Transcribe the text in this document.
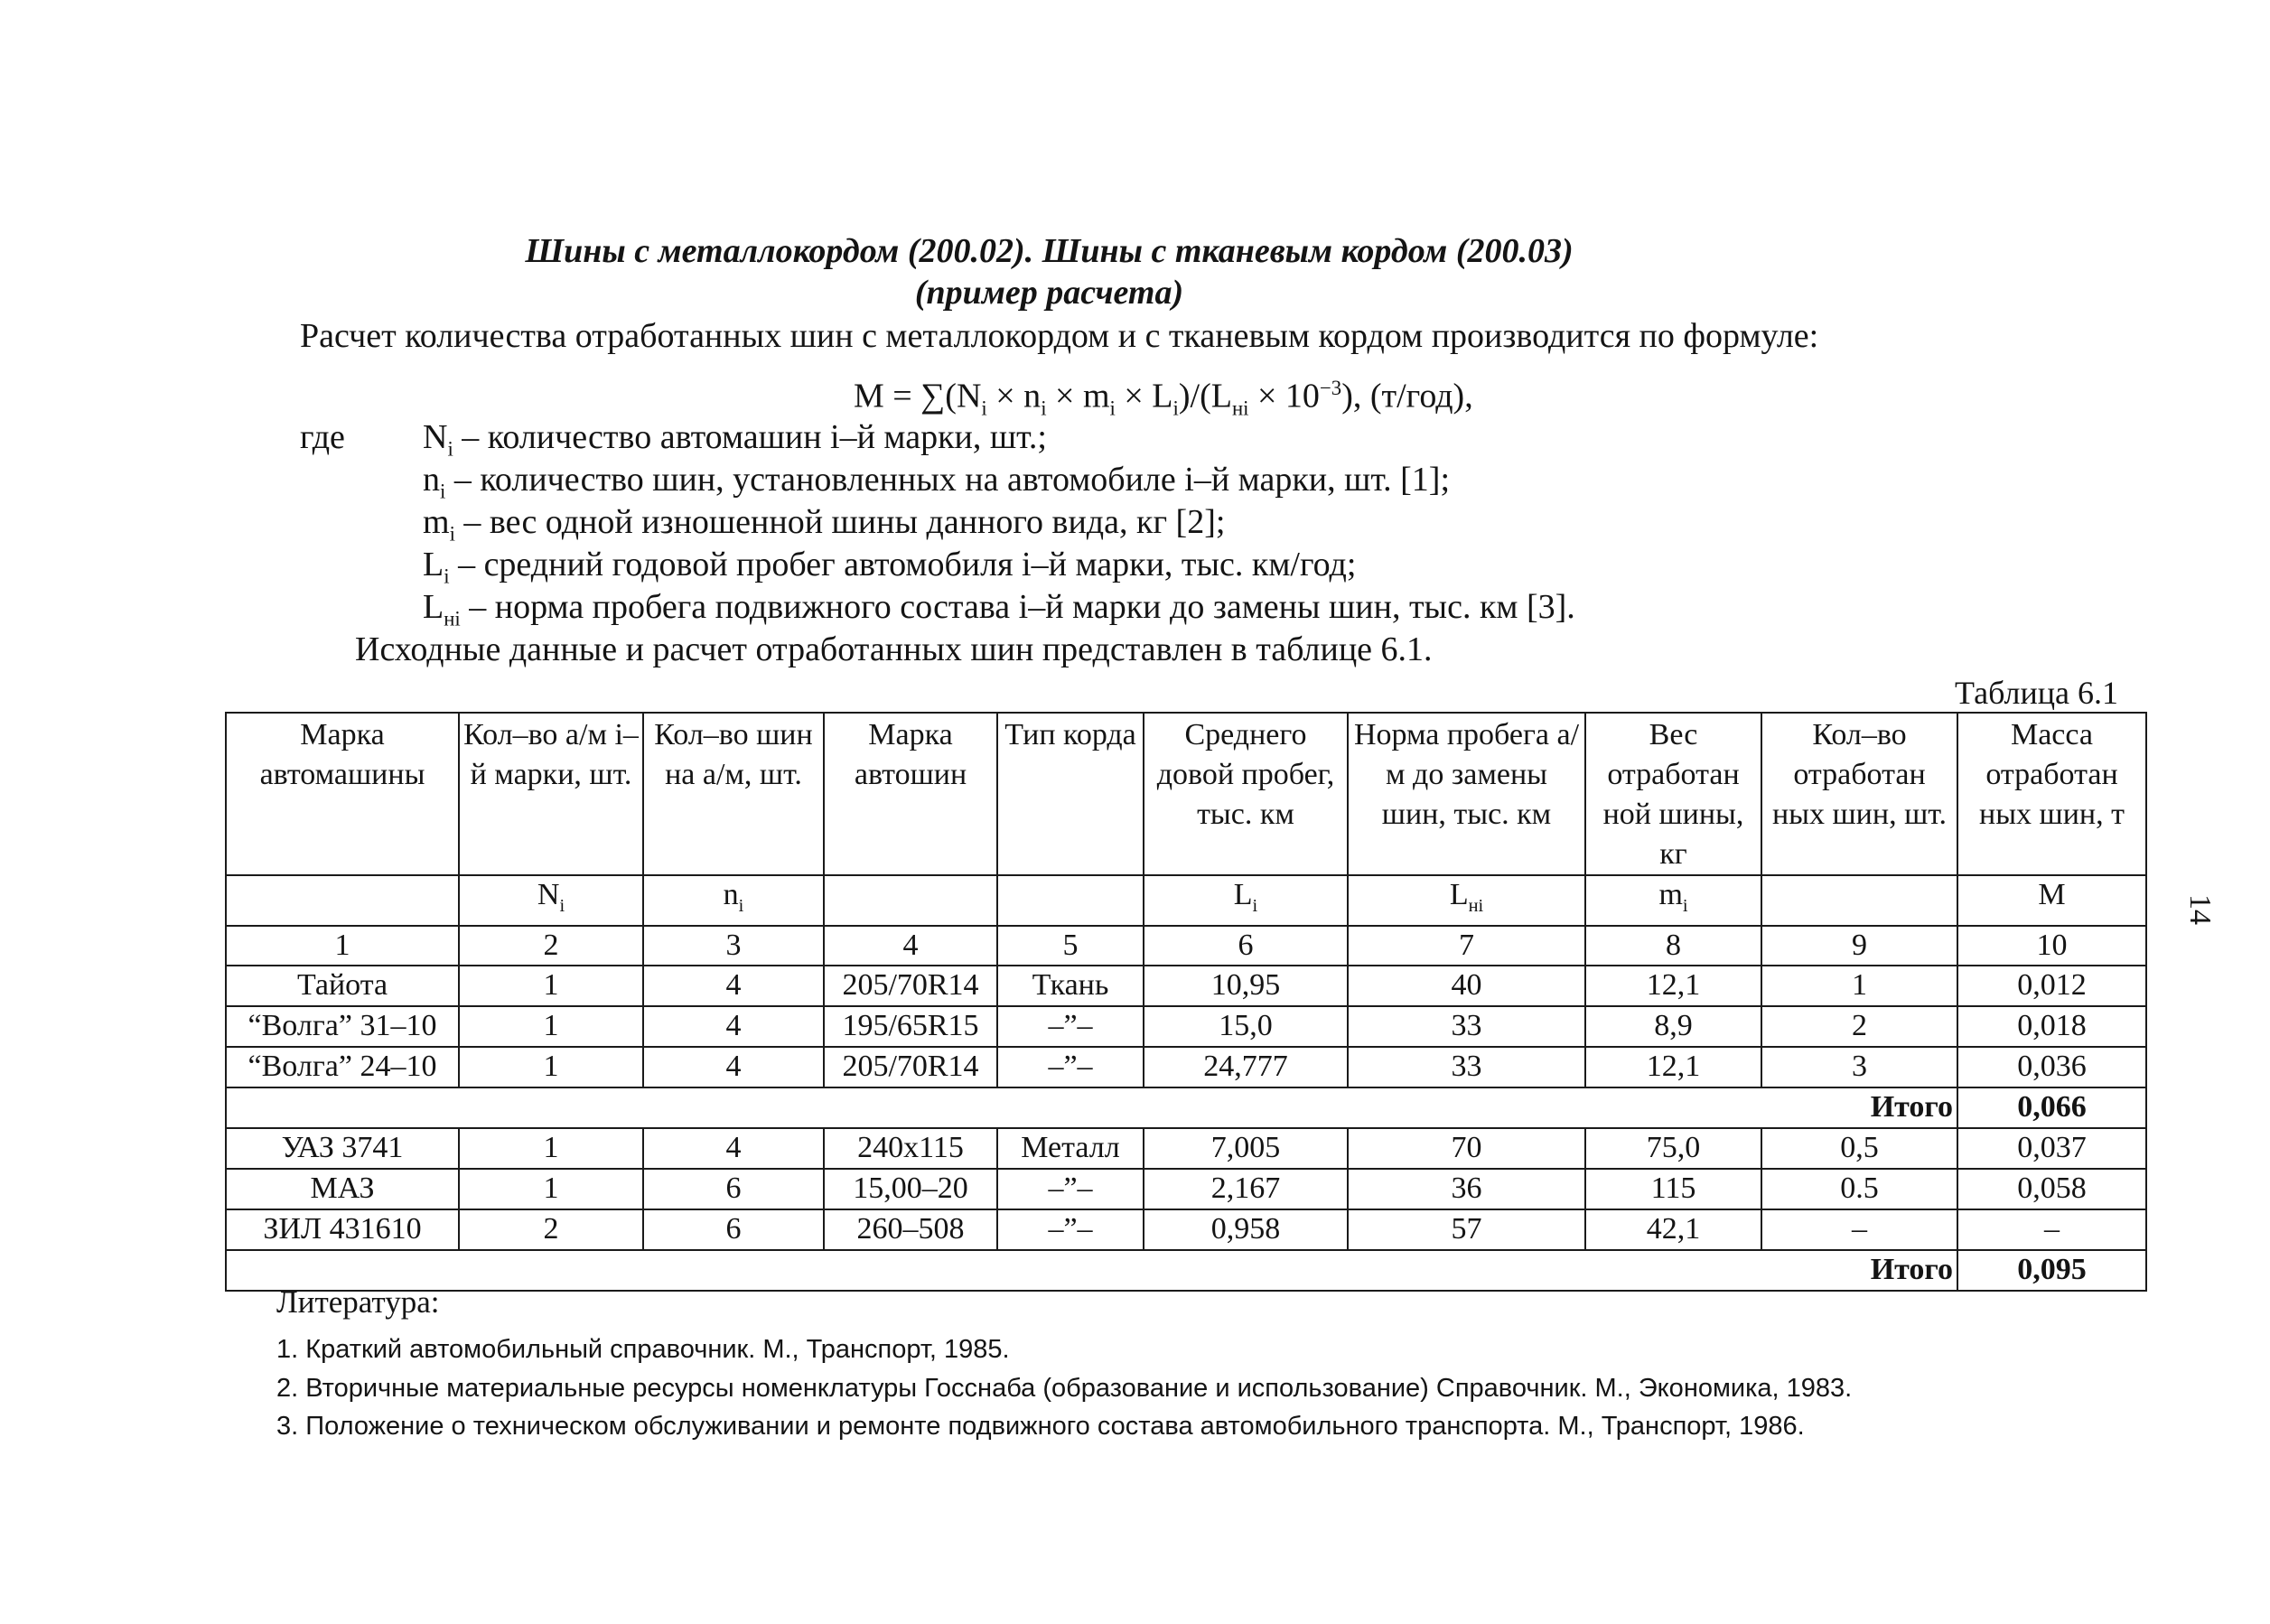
Шины с металлокордом (200.02). Шины с тканевым кордом (200.03)
(пример расчета)
Расчет количества отработанных шин с металлокордом и с тканевым кордом производится по формуле:
$M = \sum(N_i \times n_i \times m_i \times L_i)/(L_{нi} \times 10^{-3})$, (т/год),
где $N_i$ – количество автомашин i–й марки, шт.;
$n_i$ – количество шин, установленных на автомобиле i–й марки, шт. [1];
$m_i$ – вес одной изношенной шины данного вида, кг [2];
$L_i$ – средний годовой пробег автомобиля i–й марки, тыс. км/год;
$L_{нi}$ – норма пробега подвижного состава i–й марки до замены шин, тыс. км [3].
Исходные данные и расчет отработанных шин представлен в таблице 6.1.
Таблица 6.1
Марка автомашины	Кол–во а/м i–й марки, шт.	Кол–во шин на а/м, шт.	Марка автошин	Тип корда	Среднего довой пробег, тыс. км	Норма пробега а/м до замены шин, тыс. км	Вес отработан ной шины, кг	Кол–во отработан ных шин, шт.	Масса отработан ных шин, т
	$N_i$	$n_i$			$L_i$	$L_{нi}$	$m_i$		M
1	2	3	4	5	6	7	8	9	10
Тайота	1	4	205/70R14	Ткань	10,95	40	12,1	1	0,012
“Волга” 31–10	1	4	195/65R15	–”–	15,0	33	8,9	2	0,018
“Волга” 24–10	1	4	205/70R14	–”–	24,777	33	12,1	3	0,036
Итого									0,066
УАЗ 3741	1	4	240x115	Металл	7,005	70	75,0	0,5	0,037
МАЗ	1	6	15,00–20	–”–	2,167	36	115	0.5	0,058
ЗИЛ 431610	2	6	260–508	–”–	0,958	57	42,1	–	–
Итого									0,095
Литература:
1. Краткий автомобильный справочник. М., Транспорт, 1985.
2. Вторичные материальные ресурсы номенклатуры Госснаба (образование и использование) Справочник. М., Экономика, 1983.
3. Положение о техническом обслуживании и ремонте подвижного состава автомобильного транспорта. М., Транспорт, 1986.
14
